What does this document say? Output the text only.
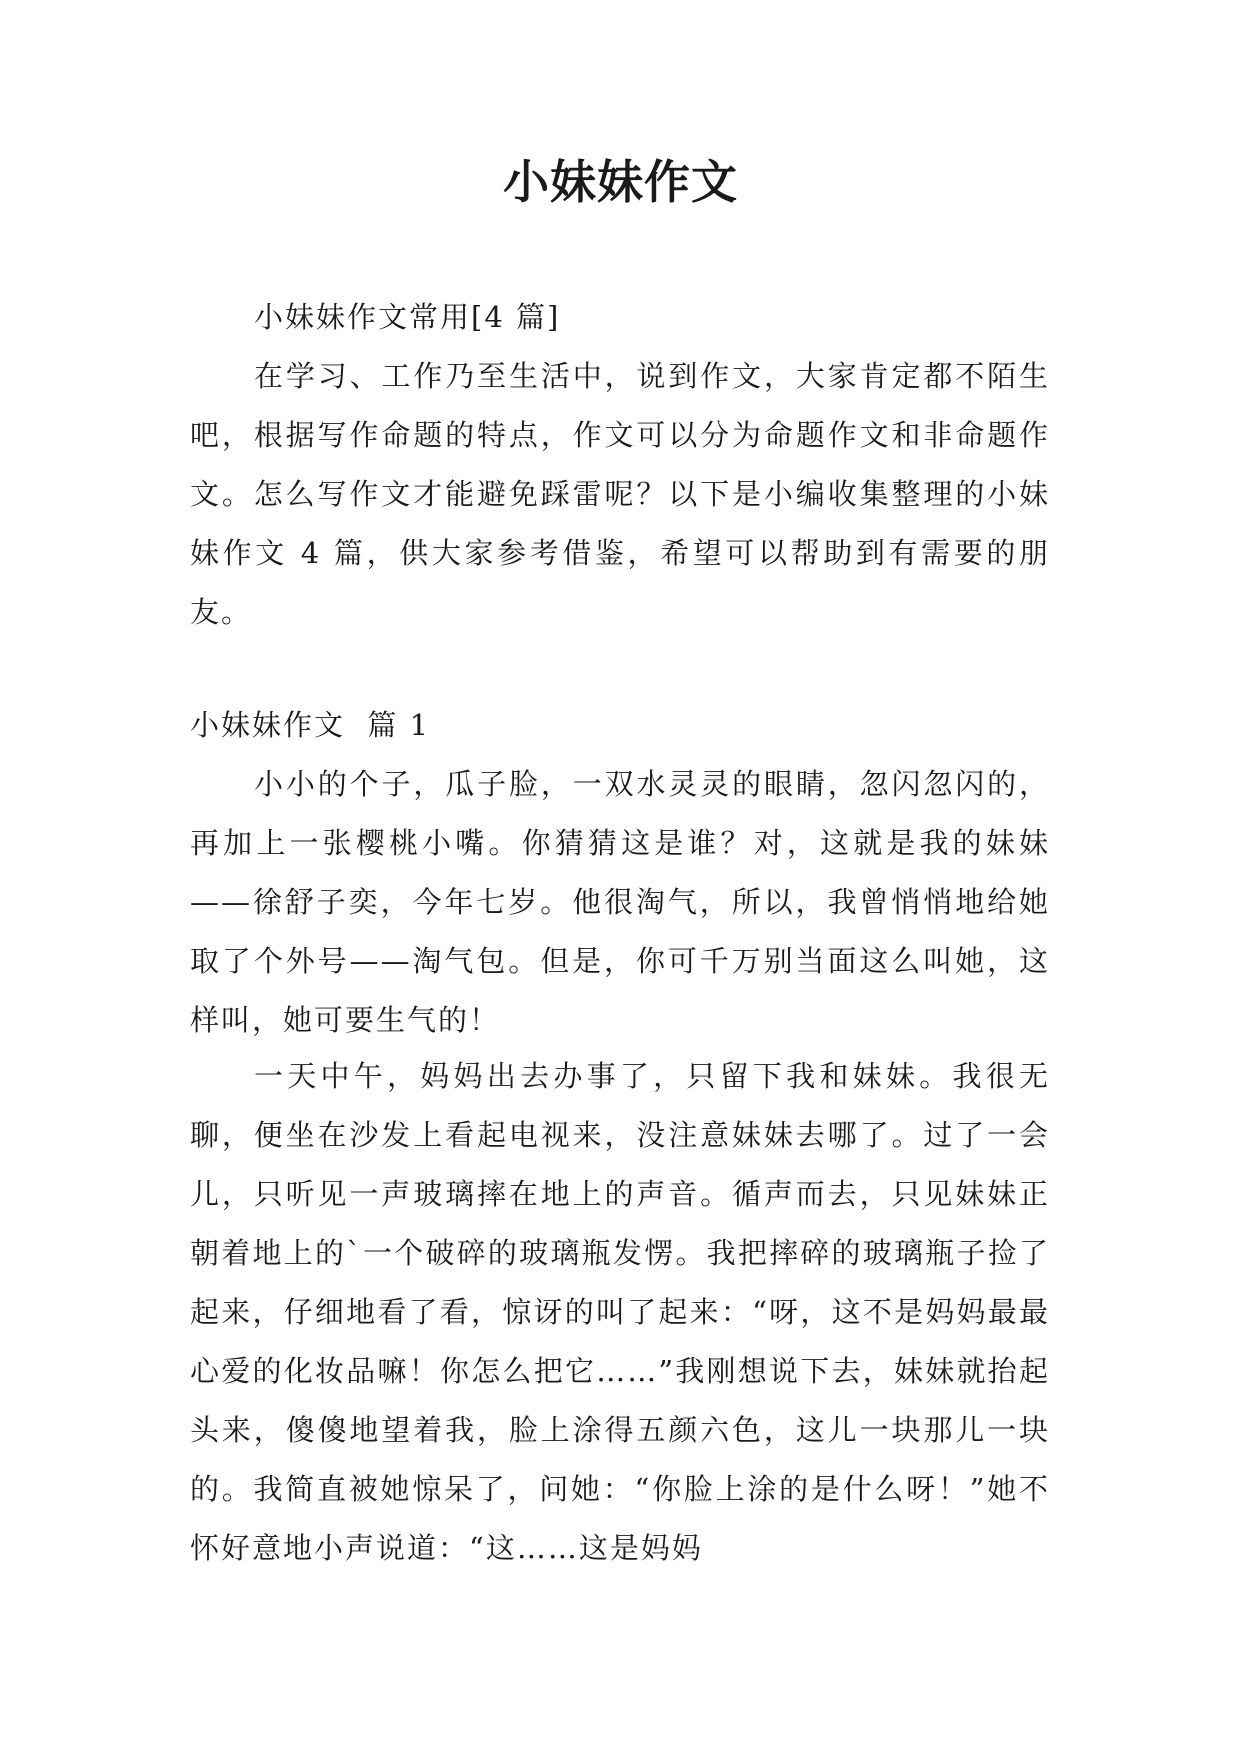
小妹妹作文

小妹妹作文常用[4 篇]

在学习、工作乃至生活中，说到作文，大家肯定都不陌生吧，根据写作命题的特点，作文可以分为命题作文和非命题作文。怎么写作文才能避免踩雷呢？以下是小编收集整理的小妹妹作文 4 篇，供大家参考借鉴，希望可以帮助到有需要的朋友。

小妹妹作文  篇 1

小小的个子，瓜子脸，一双水灵灵的眼睛，忽闪忽闪的，再加上一张樱桃小嘴。你猜猜这是谁？对，这就是我的妹妹——徐舒子奕，今年七岁。他很淘气，所以，我曾悄悄地给她取了个外号——淘气包。但是，你可千万别当面这么叫她，这样叫，她可要生气的！

一天中午，妈妈出去办事了，只留下我和妹妹。我很无聊，便坐在沙发上看起电视来，没注意妹妹去哪了。过了一会儿，只听见一声玻璃摔在地上的声音。循声而去，只见妹妹正朝着地上的`一个破碎的玻璃瓶发愣。我把摔碎的玻璃瓶子捡了起来，仔细地看了看，惊讶的叫了起来：“呀，这不是妈妈最最心爱的化妆品嘛！你怎么把它……”我刚想说下去，妹妹就抬起头来，傻傻地望着我，脸上涂得五颜六色，这儿一块那儿一块的。我简直被她惊呆了，问她：“你脸上涂的是什么呀！”她不怀好意地小声说道：“这……这是妈妈
